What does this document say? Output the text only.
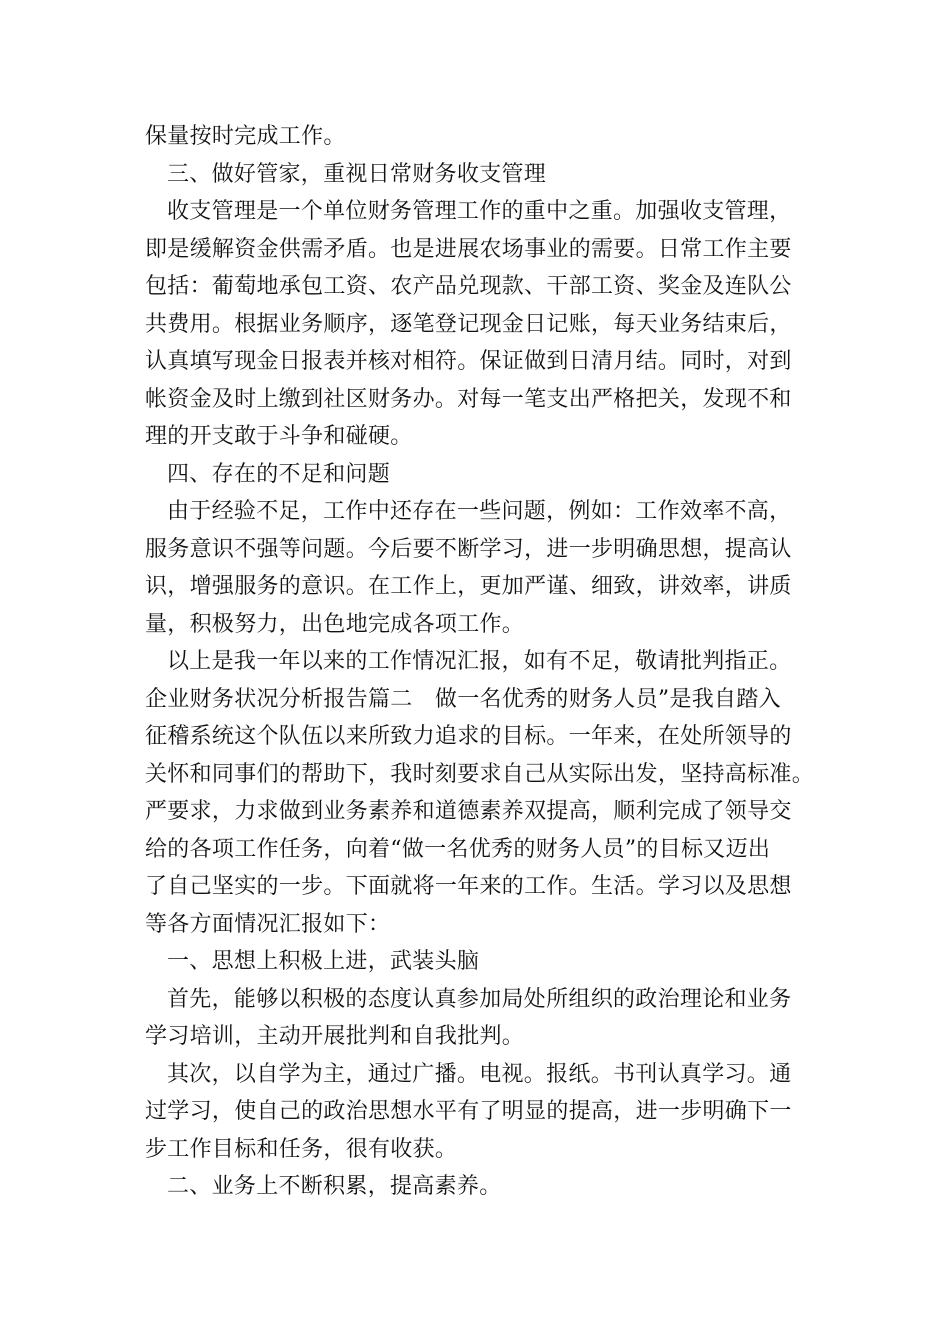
保量按时完成工作。
三、做好管家，重视日常财务收支管理
收支管理是一个单位财务管理工作的重中之重。加强收支管理，
即是缓解资金供需矛盾。也是进展农场事业的需要。日常工作主要
包括：葡萄地承包工资、农产品兑现款、干部工资、奖金及连队公
共费用。根据业务顺序，逐笔登记现金日记账，每天业务结束后，
认真填写现金日报表并核对相符。保证做到日清月结。同时，对到
帐资金及时上缴到社区财务办。对每一笔支出严格把关，发现不和
理的开支敢于斗争和碰硬。
四、存在的不足和问题
由于经验不足，工作中还存在一些问题，例如：工作效率不高，
服务意识不强等问题。今后要不断学习，进一步明确思想，提高认
识，增强服务的意识。在工作上，更加严谨、细致，讲效率，讲质
量，积极努力，出色地完成各项工作。
以上是我一年以来的工作情况汇报，如有不足，敬请批判指正。
企业财务状况分析报告篇二　做一名优秀的财务人员”是我自踏入
征稽系统这个队伍以来所致力追求的目标。一年来，在处所领导的
关怀和同事们的帮助下，我时刻要求自己从实际出发，坚持高标准。
严要求，力求做到业务素养和道德素养双提高，顺利完成了领导交
给的各项工作任务，向着“做一名优秀的财务人员”的目标又迈出
了自己坚实的一步。下面就将一年来的工作。生活。学习以及思想
等各方面情况汇报如下：
一、思想上积极上进，武装头脑
首先，能够以积极的态度认真参加局处所组织的政治理论和业务
学习培训，主动开展批判和自我批判。
其次，以自学为主，通过广播。电视。报纸。书刊认真学习。通
过学习，使自己的政治思想水平有了明显的提高，进一步明确下一
步工作目标和任务，很有收获。
二、业务上不断积累，提高素养。
